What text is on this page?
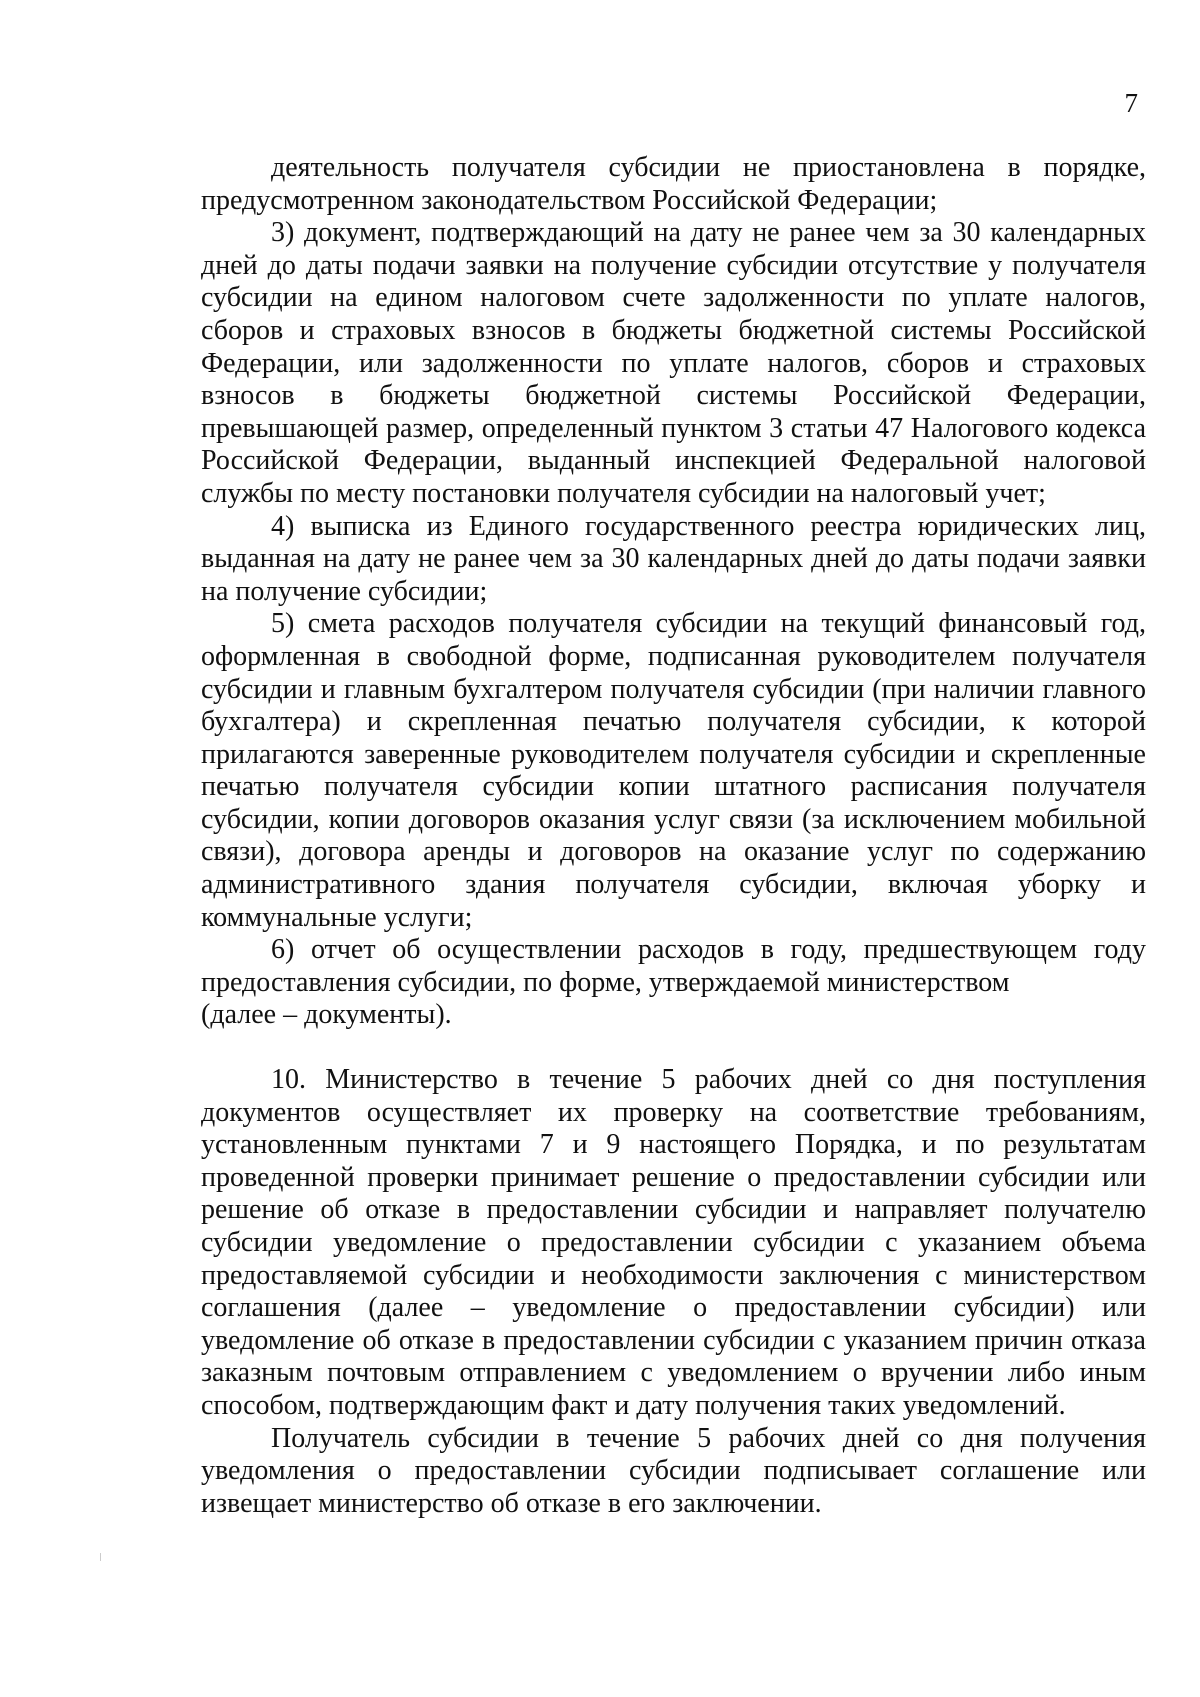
7

деятельность получателя субсидии не приостановлена в порядке, предусмотренном законодательством Российской Федерации;

3) документ, подтверждающий на дату не ранее чем за 30 календарных дней до даты подачи заявки на получение субсидии отсутствие у получателя субсидии на едином налоговом счете задолженности по уплате налогов, сборов и страховых взносов в бюджеты бюджетной системы Российской Федерации, или задолженности по уплате налогов, сборов и страховых взносов в бюджеты бюджетной системы Российской Федерации, превышающей размер, определенный пунктом 3 статьи 47 Налогового кодекса Российской Федерации, выданный инспекцией Федеральной налоговой службы по месту постановки получателя субсидии на налоговый учет;

4) выписка из Единого государственного реестра юридических лиц, выданная на дату не ранее чем за 30 календарных дней до даты подачи заявки на получение субсидии;

5) смета расходов получателя субсидии на текущий финансовый год, оформленная в свободной форме, подписанная руководителем получателя субсидии и главным бухгалтером получателя субсидии (при наличии главного бухгалтера) и скрепленная печатью получателя субсидии, к которой прилагаются заверенные руководителем получателя субсидии и скрепленные печатью получателя субсидии копии штатного расписания получателя субсидии, копии договоров оказания услуг связи (за исключением мобильной связи), договора аренды и договоров на оказание услуг по содержанию административного здания получателя субсидии, включая уборку и коммунальные услуги;

6) отчет об осуществлении расходов в году, предшествующем году предоставления субсидии, по форме, утверждаемой министерством

(далее – документы).

10. Министерство в течение 5 рабочих дней со дня поступления документов осуществляет их проверку на соответствие требованиям, установленным пунктами 7 и 9 настоящего Порядка, и по результатам проведенной проверки принимает решение о предоставлении субсидии или решение об отказе в предоставлении субсидии и направляет получателю субсидии уведомление о предоставлении субсидии с указанием объема предоставляемой субсидии и необходимости заключения с министерством соглашения (далее – уведомление о предоставлении субсидии) или уведомление об отказе в предоставлении субсидии с указанием причин отказа заказным почтовым отправлением с уведомлением о вручении либо иным способом, подтверждающим факт и дату получения таких уведомлений.

Получатель субсидии в течение 5 рабочих дней со дня получения уведомления о предоставлении субсидии подписывает соглашение или извещает министерство об отказе в его заключении.
